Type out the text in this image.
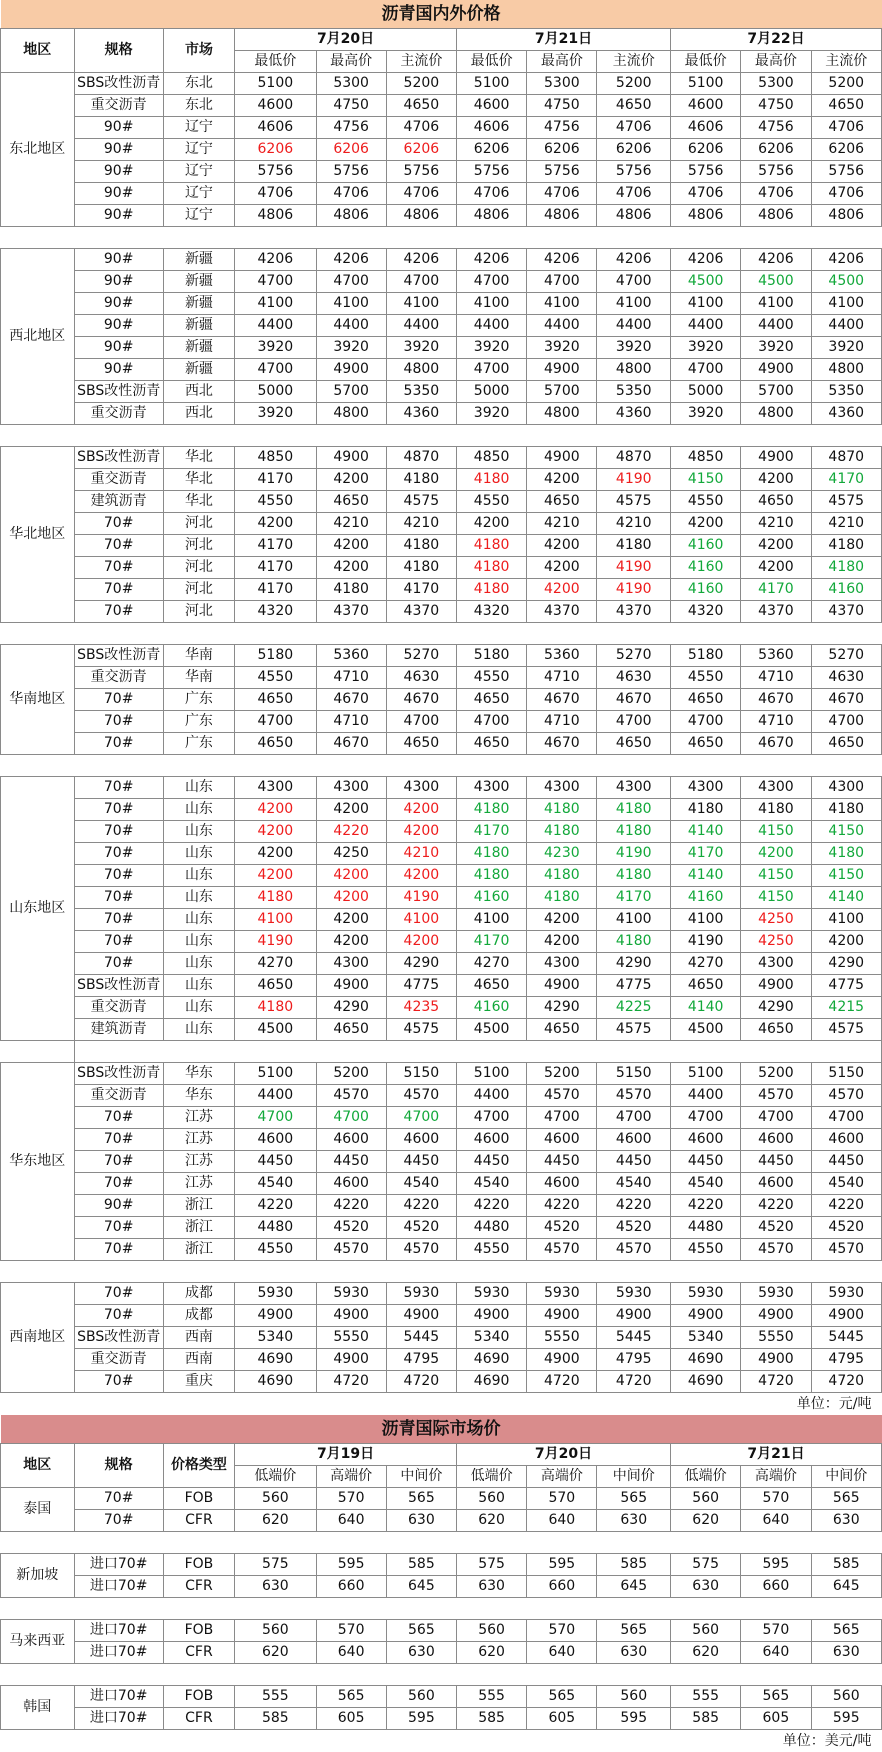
沥青国内外价格											
地区	规格	市场	7月20日			7月21日			7月22日		
			最低价	最高价	主流价	最低价	最高价	主流价	最低价	最高价	主流价
东北地区	SBS改性沥青	东北	5100	5300	5200	5100	5300	5200	5100	5300	5200
	重交沥青	东北	4600	4750	4650	4600	4750	4650	4600	4750	4650
	90#	辽宁	4606	4756	4706	4606	4756	4706	4606	4756	4706
	90#	辽宁	6206	6206	6206	6206	6206	6206	6206	6206	6206
	90#	辽宁	5756	5756	5756	5756	5756	5756	5756	5756	5756
	90#	辽宁	4706	4706	4706	4706	4706	4706	4706	4706	4706
	90#	辽宁	4806	4806	4806	4806	4806	4806	4806	4806	4806

西北地区	90#	新疆	4206	4206	4206	4206	4206	4206	4206	4206	4206
	90#	新疆	4700	4700	4700	4700	4700	4700	4500	4500	4500
	90#	新疆	4100	4100	4100	4100	4100	4100	4100	4100	4100
	90#	新疆	4400	4400	4400	4400	4400	4400	4400	4400	4400
	90#	新疆	3920	3920	3920	3920	3920	3920	3920	3920	3920
	90#	新疆	4700	4900	4800	4700	4900	4800	4700	4900	4800
	SBS改性沥青	西北	5000	5700	5350	5000	5700	5350	5000	5700	5350
	重交沥青	西北	3920	4800	4360	3920	4800	4360	3920	4800	4360

华北地区	SBS改性沥青	华北	4850	4900	4870	4850	4900	4870	4850	4900	4870
	重交沥青	华北	4170	4200	4180	4180	4200	4190	4150	4200	4170
	建筑沥青	华北	4550	4650	4575	4550	4650	4575	4550	4650	4575
	70#	河北	4200	4210	4210	4200	4210	4210	4200	4210	4210
	70#	河北	4170	4200	4180	4180	4200	4180	4160	4200	4180
	70#	河北	4170	4200	4180	4180	4200	4190	4160	4200	4180
	70#	河北	4170	4180	4170	4180	4200	4190	4160	4170	4160
	70#	河北	4320	4370	4370	4320	4370	4370	4320	4370	4370

华南地区	SBS改性沥青	华南	5180	5360	5270	5180	5360	5270	5180	5360	5270
	重交沥青	华南	4550	4710	4630	4550	4710	4630	4550	4710	4630
	70#	广东	4650	4670	4670	4650	4670	4670	4650	4670	4670
	70#	广东	4700	4710	4700	4700	4710	4700	4700	4710	4700
	70#	广东	4650	4670	4650	4650	4670	4650	4650	4670	4650

山东地区	70#	山东	4300	4300	4300	4300	4300	4300	4300	4300	4300
	70#	山东	4200	4200	4200	4180	4180	4180	4180	4180	4180
	70#	山东	4200	4220	4200	4170	4180	4180	4140	4150	4150
	70#	山东	4200	4250	4210	4180	4230	4190	4170	4200	4180
	70#	山东	4200	4200	4200	4180	4180	4180	4140	4150	4150
	70#	山东	4180	4200	4190	4160	4180	4170	4160	4150	4140
	70#	山东	4100	4200	4100	4100	4200	4100	4100	4250	4100
	70#	山东	4190	4200	4200	4170	4200	4180	4190	4250	4200
	70#	山东	4270	4300	4290	4270	4300	4290	4270	4300	4290
	SBS改性沥青	山东	4650	4900	4775	4650	4900	4775	4650	4900	4775
	重交沥青	山东	4180	4290	4235	4160	4290	4225	4140	4290	4215
	建筑沥青	山东	4500	4650	4575	4500	4650	4575	4500	4650	4575

华东地区	SBS改性沥青	华东	5100	5200	5150	5100	5200	5150	5100	5200	5150
	重交沥青	华东	4400	4570	4570	4400	4570	4570	4400	4570	4570
	70#	江苏	4700	4700	4700	4700	4700	4700	4700	4700	4700
	70#	江苏	4600	4600	4600	4600	4600	4600	4600	4600	4600
	70#	江苏	4450	4450	4450	4450	4450	4450	4450	4450	4450
	70#	江苏	4540	4600	4540	4540	4600	4540	4540	4600	4540
	90#	浙江	4220	4220	4220	4220	4220	4220	4220	4220	4220
	70#	浙江	4480	4520	4520	4480	4520	4520	4480	4520	4520
	70#	浙江	4550	4570	4570	4550	4570	4570	4550	4570	4570

西南地区	70#	成都	5930	5930	5930	5930	5930	5930	5930	5930	5930
	70#	成都	4900	4900	4900	4900	4900	4900	4900	4900	4900
	SBS改性沥青	西南	5340	5550	5445	5340	5550	5445	5340	5550	5445
	重交沥青	西南	4690	4900	4795	4690	4900	4795	4690	4900	4795
	70#	重庆	4690	4720	4720	4690	4720	4720	4690	4720	4720
单位：元/吨											
沥青国际市场价											
地区	规格	价格类型	7月19日			7月20日			7月21日		
			低端价	高端价	中间价	低端价	高端价	中间价	低端价	高端价	中间价
泰国	70#	FOB	560	570	565	560	570	565	560	570	565
	70#	CFR	620	640	630	620	640	630	620	640	630

新加坡	进口70#	FOB	575	595	585	575	595	585	575	595	585
	进口70#	CFR	630	660	645	630	660	645	630	660	645

马来西亚	进口70#	FOB	560	570	565	560	570	565	560	570	565
	进口70#	CFR	620	640	630	620	640	630	620	640	630

韩国	进口70#	FOB	555	565	560	555	565	560	555	565	560
	进口70#	CFR	585	605	595	585	605	595	585	605	595
单位：美元/吨											
